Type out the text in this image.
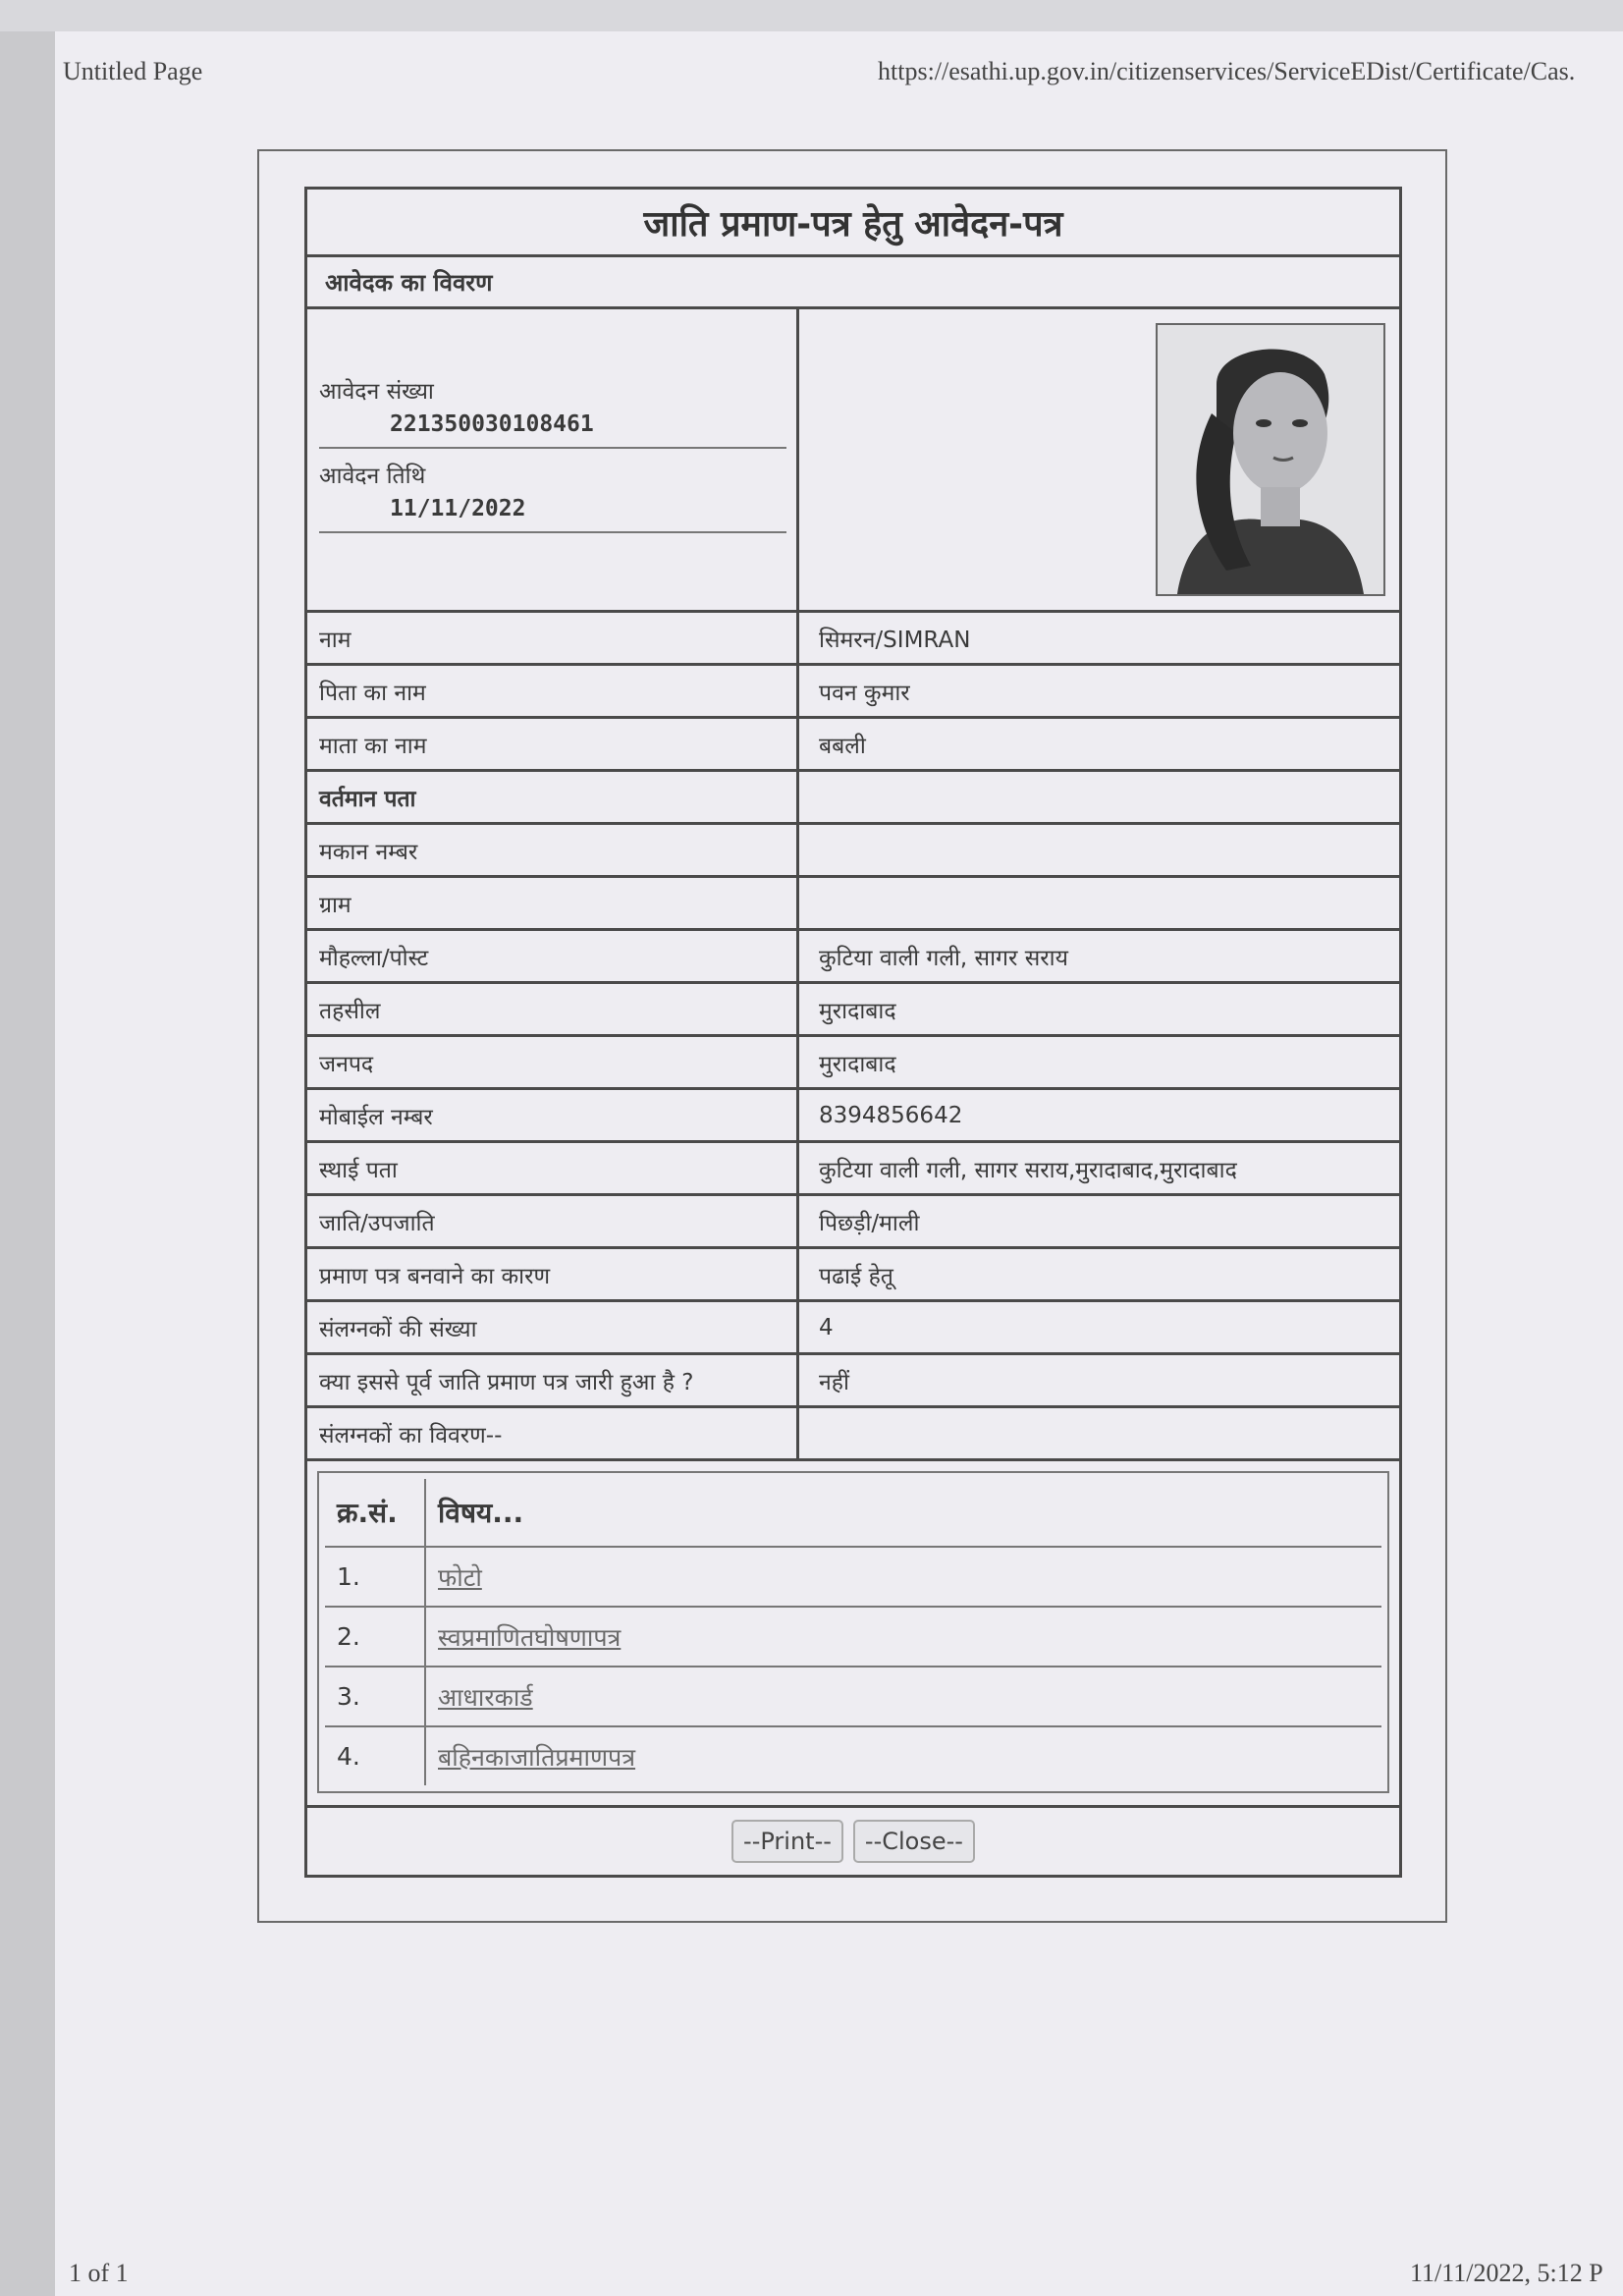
Untitled Page	https://esathi.up.gov.in/citizenservices/ServiceEDist/Certificate/Cas.
जाति प्रमाण-पत्र हेतु आवेदन-पत्र
आवेदक का विवरण
आवेदन संख्या
221350030108461
आवेदन तिथि
11/11/2022
नाम	सिमरन/SIMRAN
पिता का नाम	पवन कुमार
माता का नाम	बबली
वर्तमान पता
मकान नम्बर
ग्राम
मौहल्ला/पोस्ट	कुटिया वाली गली, सागर सराय
तहसील	मुरादाबाद
जनपद	मुरादाबाद
मोबाईल नम्बर	8394856642
स्थाई पता	कुटिया वाली गली, सागर सराय,मुरादाबाद,मुरादाबाद
जाति/उपजाति	पिछड़ी/माली
प्रमाण पत्र बनवाने का कारण	पढाई हेतू
संलग्नकों की संख्या	4
क्या इससे पूर्व जाति प्रमाण पत्र जारी हुआ है ?	नहीं
संलग्नकों का विवरण--
क्र.सं.	विषय...
1.	फोटो
2.	स्वप्रमाणितघोषणापत्र
3.	आधारकार्ड
4.	बहिनकाजातिप्रमाणपत्र
--Print--	--Close--
1 of 1	11/11/2022, 5:12 P
